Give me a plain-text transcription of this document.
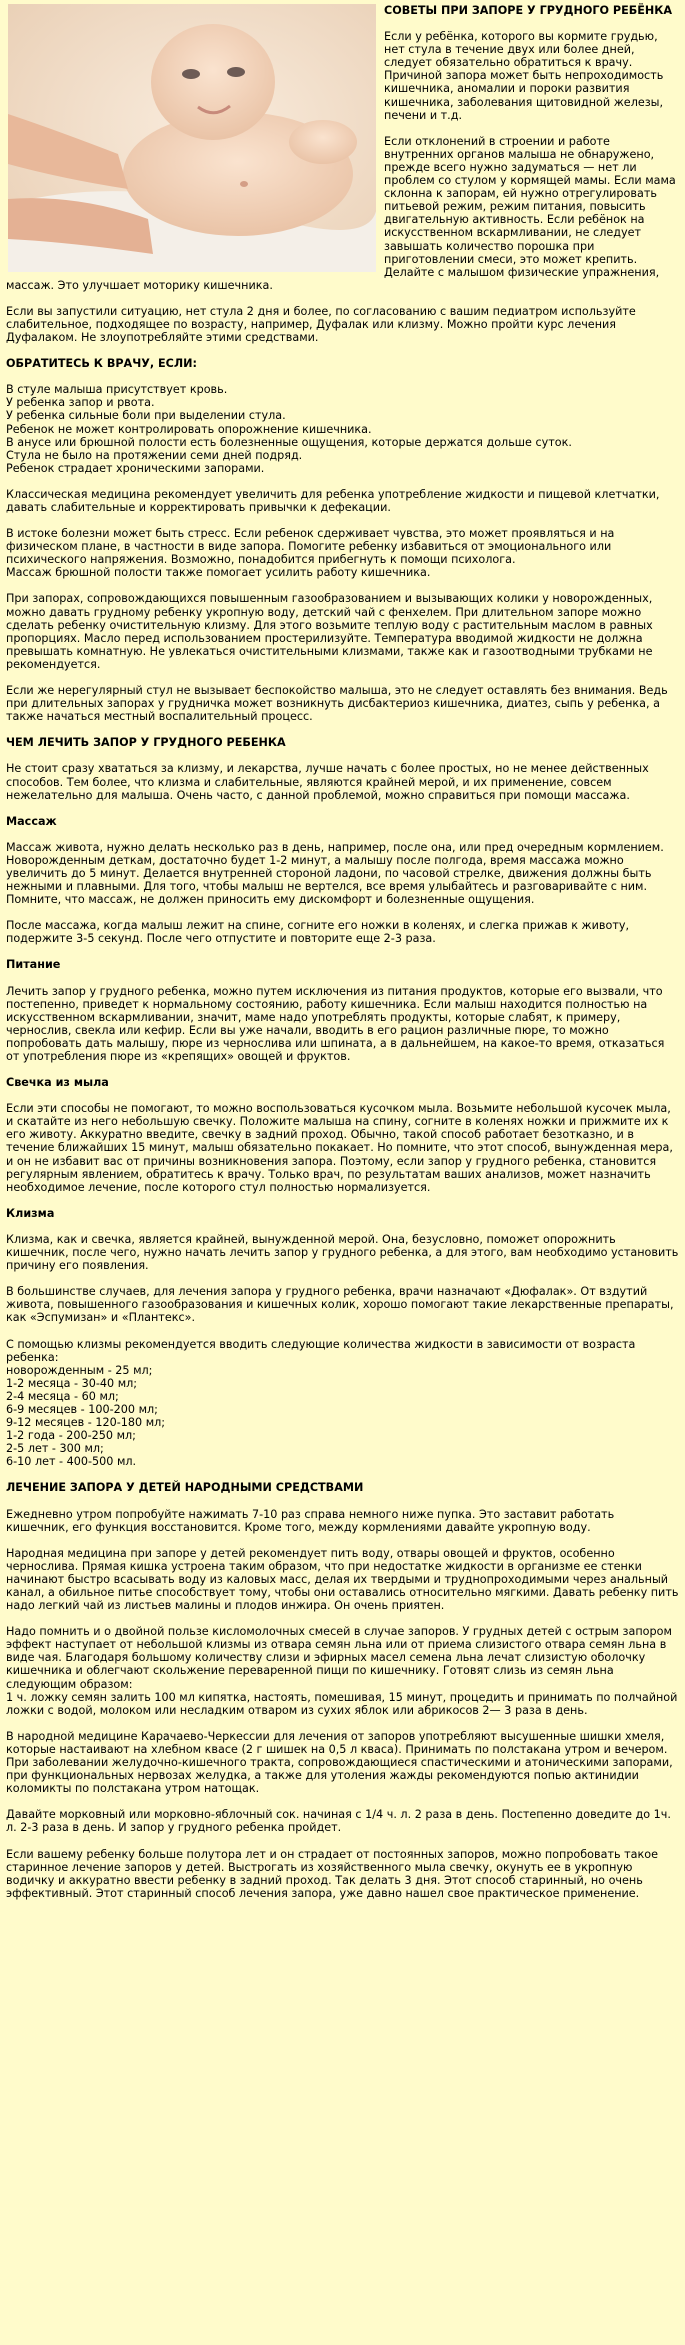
СОВЕТЫ ПРИ ЗАПОРЕ У ГРУДНОГО РЕБЁНКА

Если у ребёнка, которого вы кормите грудью, нет стула в течение двух или более дней, следует обязательно обратиться к врачу. Причиной запора может быть непроходимость кишечника, аномалии и пороки развития кишечника, заболевания щитовидной железы, печени и т.д.

Если отклонений в строении и работе внутренних органов малыша не обнаружено, прежде всего нужно задуматься — нет ли проблем со стулом у кормящей мамы. Если мама склонна к запорам, ей нужно отрегулировать питьевой режим, режим питания, повысить двигательную активность. Если ребёнок на искусственном вскармливании, не следует завышать количество порошка при приготовлении смеси, это может крепить.

Делайте с малышом физические упражнения, массаж. Это улучшает моторику кишечника.

Если вы запустили ситуацию, нет стула 2 дня и более, по согласованию с вашим педиатром используйте слабительное, подходящее по возрасту, например, Дуфалак или клизму. Можно пройти курс лечения Дуфалаком. Не злоупотребляйте этими средствами.

ОБРАТИТЕСЬ К ВРАЧУ, ЕСЛИ:
В стуле малыша присутствует кровь.
У ребенка запор и рвота.
У ребенка сильные боли при выделении стула.
Ребенок не может контролировать опорожнение кишечника.
В анусе или брюшной полости есть болезненные ощущения, которые держатся дольше суток.
Стула не было на протяжении семи дней подряд.
Ребенок страдает хроническими запорами.

Классическая медицина рекомендует увеличить для ребенка употребление жидкости и пищевой клетчатки, давать слабительные и корректировать привычки к дефекации.

В истоке болезни может быть стресс. Если ребенок сдерживает чувства, это может проявляться и на физическом плане, в частности в виде запора. Помогите ребенку избавиться от эмоционального или психического напряжения. Возможно, понадобится прибегнуть к помощи психолога.

Массаж брюшной полости также помогает усилить работу кишечника.

При запорах, сопровождающихся повышенным газообразованием и вызывающих колики у новорожденных, можно давать грудному ребенку укропную воду, детский чай с фенхелем. При длительном запоре можно сделать ребенку очистительную клизму. Для этого возьмите теплую воду с растительным маслом в равных пропорциях. Масло перед использованием простерилизуйте. Температура вводимой жидкости не должна превышать комнатную. Не увлекаться очистительными клизмами, также как и газоотводными трубками не рекомендуется.

Если же нерегулярный стул не вызывает беспокойство малыша, это не следует оставлять без внимания. Ведь при длительных запорах у грудничка может возникнуть дисбактериоз кишечника, диатез, сыпь у ребенка, а также начаться местный воспалительный процесс.

ЧЕМ ЛЕЧИТЬ ЗАПОР У ГРУДНОГО РЕБЕНКА

Не стоит сразу хвататься за клизму, и лекарства, лучше начать с более простых, но не менее действенных способов. Тем более, что клизма и слабительные, являются крайней мерой, и их применение, совсем нежелательно для малыша. Очень часто, с данной проблемой, можно справиться при помощи массажа.

Массаж

Массаж живота, нужно делать несколько раз в день, например, после она, или пред очередным кормлением. Новорожденным деткам, достаточно будет 1-2 минут, а малышу после полгода, время массажа можно увеличить до 5 минут. Делается внутренней стороной ладони, по часовой стрелке, движения должны быть нежными и плавными. Для того, чтобы малыш не вертелся, все время улыбайтесь и разговаривайте с ним. Помните, что массаж, не должен приносить ему дискомфорт и болезненные ощущения.

После массажа, когда малыш лежит на спине, согните его ножки в коленях, и слегка прижав к животу, подержите 3-5 секунд. После чего отпустите и повторите еще 2-3 раза.

Питание

Лечить запор у грудного ребенка, можно путем исключения из питания продуктов, которые его вызвали, что постепенно, приведет к нормальному состоянию, работу кишечника. Если малыш находится полностью на искусственном вскармливании, значит, маме надо употреблять продукты, которые слабят, к примеру, чернослив, свекла или кефир. Если вы уже начали, вводить в его рацион различные пюре, то можно попробовать дать малышу, пюре из чернослива или шпината, а в дальнейшем, на какое-то время, отказаться от употребления пюре из «крепящих» овощей и фруктов.

Свечка из мыла

Если эти способы не помогают, то можно воспользоваться кусочком мыла. Возьмите небольшой кусочек мыла, и скатайте из него небольшую свечку. Положите малыша на спину, согните в коленях ножки и прижмите их к его животу. Аккуратно введите, свечку в задний проход. Обычно, такой способ работает безотказно, и в течение ближайших 15 минут, малыш обязательно покакает. Но помните, что этот способ, вынужденная мера, и он не избавит вас от причины возникновения запора. Поэтому, если запор у грудного ребенка, становится регулярным явлением, обратитесь к врачу. Только врач, по результатам ваших анализов, может назначить необходимое лечение, после которого стул полностью нормализуется.

Клизма

Клизма, как и свечка, является крайней, вынужденной мерой. Она, безусловно, поможет опорожнить кишечник, после чего, нужно начать лечить запор у грудного ребенка, а для этого, вам необходимо установить причину его появления.

В большинстве случаев, для лечения запора у грудного ребенка, врачи назначают «Дюфалак». От вздутий живота, повышенного газообразования и кишечных колик, хорошо помогают такие лекарственные препараты, как «Эспумизан» и «Плантекс».

С помощью клизмы рекомендуется вводить следующие количества жидкости в зависимости от возраста ребенка:

новорожденным - 25 мл;
1-2 месяца - 30-40 мл;
2-4 месяца - 60 мл;
6-9 месяцев - 100-200 мл;
9-12 месяцев - 120-180 мл;
1-2 года - 200-250 мл;
2-5 лет - 300 мл;
6-10 лет - 400-500 мл.
ЛЕЧЕНИЕ ЗАПОРА У ДЕТЕЙ НАРОДНЫМИ СРЕДСТВАМИ

Ежедневно утром попробуйте нажимать 7-10 раз справа немного ниже пупка. Это заставит работать кишечник, его функция восстановится. Кроме того, между кормлениями давайте укропную воду.

Народная медицина при запоре у детей рекомендует пить воду, отвары овощей и фруктов, особенно чернослива. Прямая кишка устроена таким образом, что при недостатке жидкости в организме ее стенки начинают быстро всасывать воду из каловых масс, делая их твердыми и труднопроходимыми через анальный канал, а обильное питье способствует тому, чтобы они оставались относительно мягкими. Давать ребенку пить надо легкий чай из листьев малины и плодов инжира. Он очень приятен.

Надо помнить и о двойной пользе кисломолочных смесей в случае запоров. У грудных детей с острым запором эффект наступает от небольшой клизмы из отвара семян льна или от приема слизистого отвара семян льна в виде чая. Благодаря большому количеству слизи и эфирных масел семена льна лечат слизистую оболочку кишечника и облегчают скольжение переваренной пищи по кишечнику. Готовят слизь из семян льна следующим образом:

1 ч. ложку семян залить 100 мл кипятка, настоять, помешивая, 15 минут, процедить и принимать по полчайной ложки с водой, молоком или несладким отваром из сухих яблок или абрикосов 2— 3 раза в день.

В народной медицине Карачаево-Черкессии для лечения от запоров употребляют высушенные шишки хмеля, которые настаивают на хлебном квасе (2 г шишек на 0,5 л кваса). Принимать по полстакана утром и вечером.

При заболевании желудочно-кишечного тракта, сопровождающиеся спастическими и атоническими запорами, при функциональных нервозах желудка, а также для утоления жажды рекомендуются попью актинидии коломикты по полстакана утром натощак.

Давайте морковный или морковно-яблочный сок. начиная с 1/4 ч. л. 2 раза в день. Постепенно доведите до 1ч. л. 2-3 раза в день. И запор у грудного ребенка пройдет.

Если вашему ребенку больше полутора лет и он страдает от постоянных запоров, можно попробовать такое старинное лечение запоров у детей. Выстрогать из хозяйственного мыла свечку, окунуть ее в укропную водичку и аккуратно ввести ребенку в задний проход. Так делать 3 дня. Этот способ старинный, но очень эффективный. Этот старинный способ лечения запора, уже давно нашел свое практическое применение.
